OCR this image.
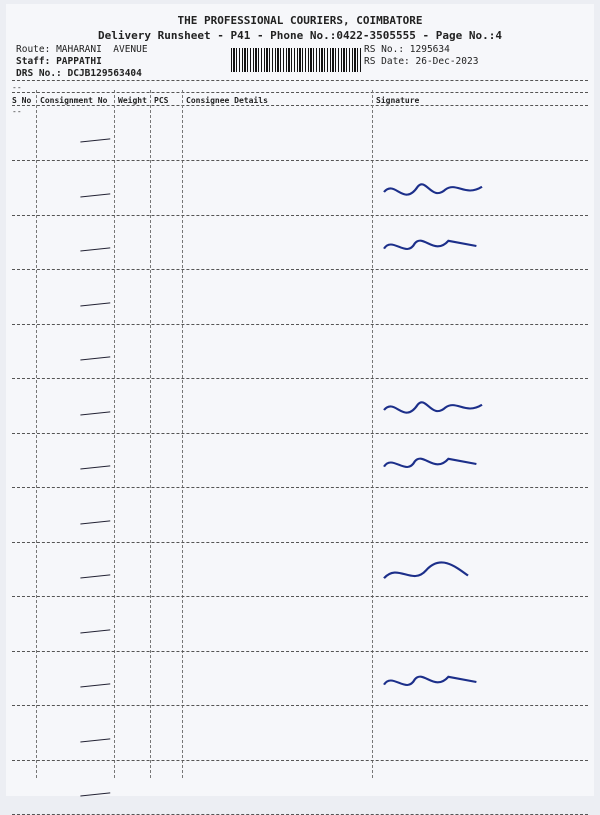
THE PROFESSIONAL COURIERS, COIMBATORE
Delivery Runsheet - P41 - Phone No.:0422-3505555 - Page No.:4
Route: MAHARANI  AVENUE
Staff: PAPPATHI
DRS No.: DCJB129563404
RS No.: 1295634
RS Date: 26-Dec-2023
--
S No Consignment No Weight PCS Consignee Details	Signature
--
